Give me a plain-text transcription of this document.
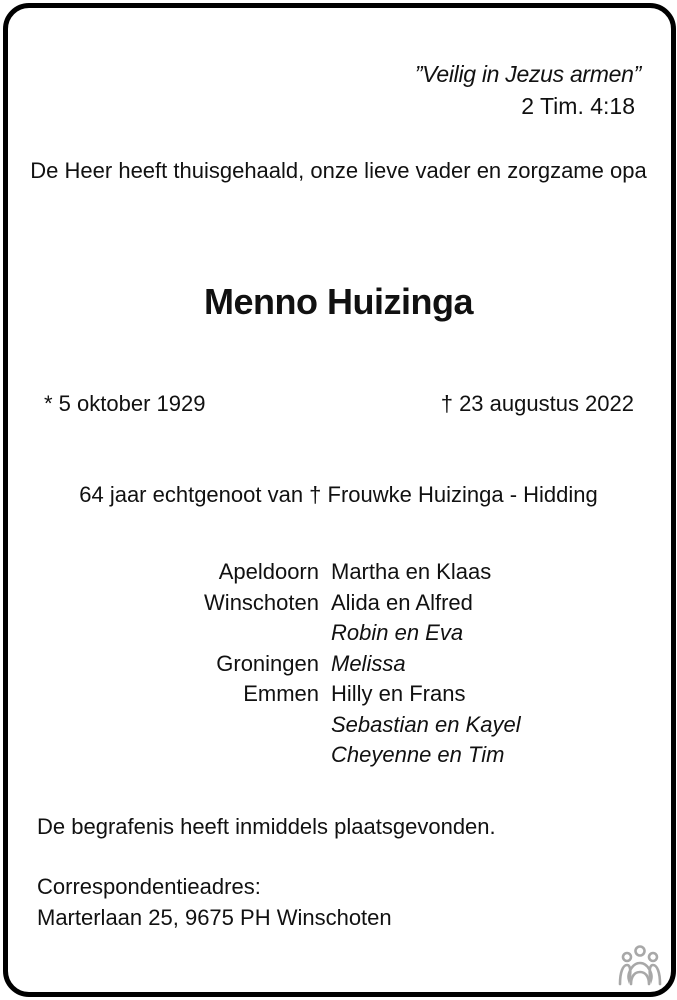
”Veilig in Jezus armen”
2 Tim. 4:18
De Heer heeft thuisgehaald, onze lieve vader en zorgzame opa
Menno Huizinga
* 5 oktober 1929	† 23 augustus 2022
64 jaar echtgenoot van † Frouwke Huizinga - Hidding
Apeldoorn Martha en Klaas
Winschoten Alida en Alfred
Robin en Eva
Groningen Melissa
Emmen Hilly en Frans
Sebastian en Kayel
Cheyenne en Tim
De begrafenis heeft inmiddels plaatsgevonden.
Correspondentieadres:
Marterlaan 25, 9675 PH Winschoten
